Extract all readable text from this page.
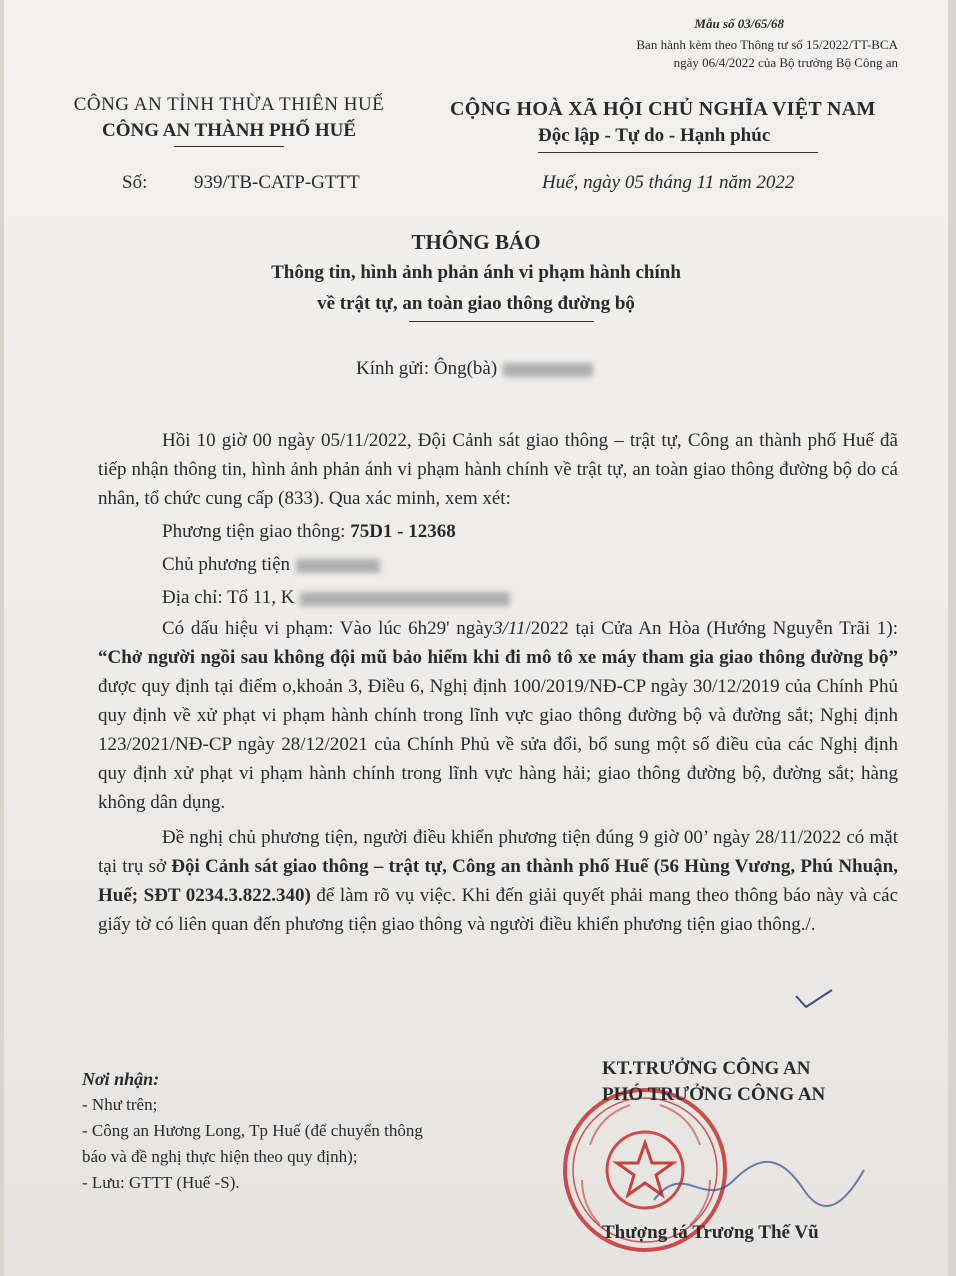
Mẫu số 03/65/68
Ban hành kèm theo Thông tư số 15/2022/TT-BCA
ngày 06/4/2022 của Bộ trưởng Bộ Công an
CÔNG AN TỈNH THỪA THIÊN HUẾ
CÔNG AN THÀNH PHỐ HUẾ
CỘNG HOÀ XÃ HỘI CHỦ NGHĨA VIỆT NAM
Độc lập - Tự do - Hạnh phúc
Số: 939/TB-CATP-GTTT	Huế, ngày 05 tháng 11 năm 2022
THÔNG BÁO
Thông tin, hình ảnh phản ánh vi phạm hành chính
về trật tự, an toàn giao thông đường bộ
Kính gửi: Ông(bà)

Hồi 10 giờ 00 ngày 05/11/2022, Đội Cảnh sát giao thông – trật tự, Công an thành phố Huế đã tiếp nhận thông tin, hình ảnh phản ánh vi phạm hành chính về trật tự, an toàn giao thông đường bộ do cá nhân, tổ chức cung cấp (833). Qua xác minh, xem xét:

Phương tiện giao thông: 75D1 - 12368

Chủ phương tiện

Địa chỉ: Tổ 11, K

Có dấu hiệu vi phạm: Vào lúc 6h29' ngày3/11/2022 tại Cửa An Hòa (Hướng Nguyễn Trãi 1): “Chở người ngồi sau không đội mũ bảo hiểm khi đi mô tô xe máy tham gia giao thông đường bộ” được quy định tại điểm o,khoản 3, Điều 6, Nghị định 100/2019/NĐ-CP ngày 30/12/2019 của Chính Phủ quy định về xử phạt vi phạm hành chính trong lĩnh vực giao thông đường bộ và đường sắt; Nghị định 123/2021/NĐ-CP ngày 28/12/2021 của Chính Phủ về sửa đổi, bổ sung một số điều của các Nghị định quy định xử phạt vi phạm hành chính trong lĩnh vực hàng hải; giao thông đường bộ, đường sắt; hàng không dân dụng.

Đề nghị chủ phương tiện, người điều khiển phương tiện đúng 9 giờ 00’ ngày 28/11/2022 có mặt tại trụ sở Đội Cảnh sát giao thông – trật tự, Công an thành phố Huế (56 Hùng Vương, Phú Nhuận, Huế; SĐT 0234.3.822.340) để làm rõ vụ việc. Khi đến giải quyết phải mang theo thông báo này và các giấy tờ có liên quan đến phương tiện giao thông và người điều khiển phương tiện giao thông./.

Nơi nhận:
- Như trên;
- Công an Hương Long, Tp Huế (để chuyển thông
báo và đề nghị thực hiện theo quy định);
- Lưu: GTTT (Huế -S).
KT.TRƯỞNG CÔNG AN
PHÓ TRƯỞNG CÔNG AN
Thượng tá Trương Thế Vũ
